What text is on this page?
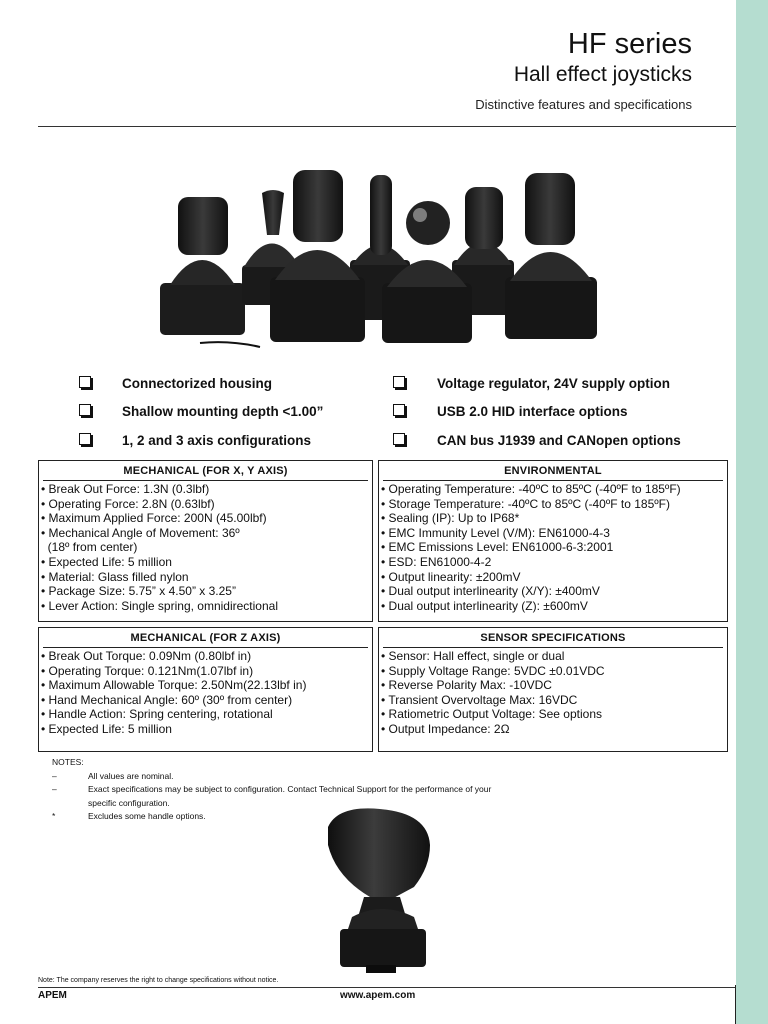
HF series
Hall effect joysticks
Distinctive features and specifications
Connectorized housing
Shallow mounting depth <1.00”
1, 2 and 3 axis configurations
Voltage regulator, 24V supply option
USB 2.0 HID interface options
CAN bus J1939 and CANopen options
MECHANICAL (FOR X, Y AXIS)
• Break Out Force: 1.3N (0.3lbf)
• Operating Force: 2.8N (0.63lbf)
• Maximum Applied Force: 200N (45.00lbf)
• Mechanical Angle of Movement: 36º
(18º from center)
• Expected Life: 5 million
• Material: Glass filled nylon
• Package Size: 5.75” x 4.50” x 3.25”
• Lever Action: Single spring, omnidirectional
ENVIRONMENTAL
• Operating Temperature: -40ºC to 85ºC (-40ºF to 185ºF)
• Storage Temperature: -40ºC to 85ºC (-40ºF to 185ºF)
• Sealing (IP): Up to IP68*
• EMC Immunity Level (V/M): EN61000-4-3
• EMC Emissions Level: EN61000-6-3:2001
• ESD: EN61000-4-2
• Output linearity: ±200mV
• Dual output interlinearity (X/Y): ±400mV
• Dual output interlinearity (Z): ±600mV
MECHANICAL (FOR Z AXIS)
• Break Out Torque: 0.09Nm (0.80lbf in)
• Operating Torque: 0.121Nm(1.07lbf in)
• Maximum Allowable Torque: 2.50Nm(22.13lbf in)
• Hand Mechanical Angle: 60º (30º from center)
• Handle Action: Spring centering, rotational
• Expected Life: 5 million
SENSOR SPECIFICATIONS
• Sensor: Hall effect, single or dual
• Supply Voltage Range: 5VDC ±0.01VDC
• Reverse Polarity Max: -10VDC
• Transient Overvoltage Max: 16VDC
• Ratiometric Output Voltage: See options
• Output Impedance: 2Ω
NOTES:
–	All values are nominal.
–	Exact specifications may be subject to configuration. Contact Technical Support for the performance of your
specific configuration.
*	Excludes some handle options.
Note: The company reserves the right to change specifications without notice.
APEM	www.apem.com
